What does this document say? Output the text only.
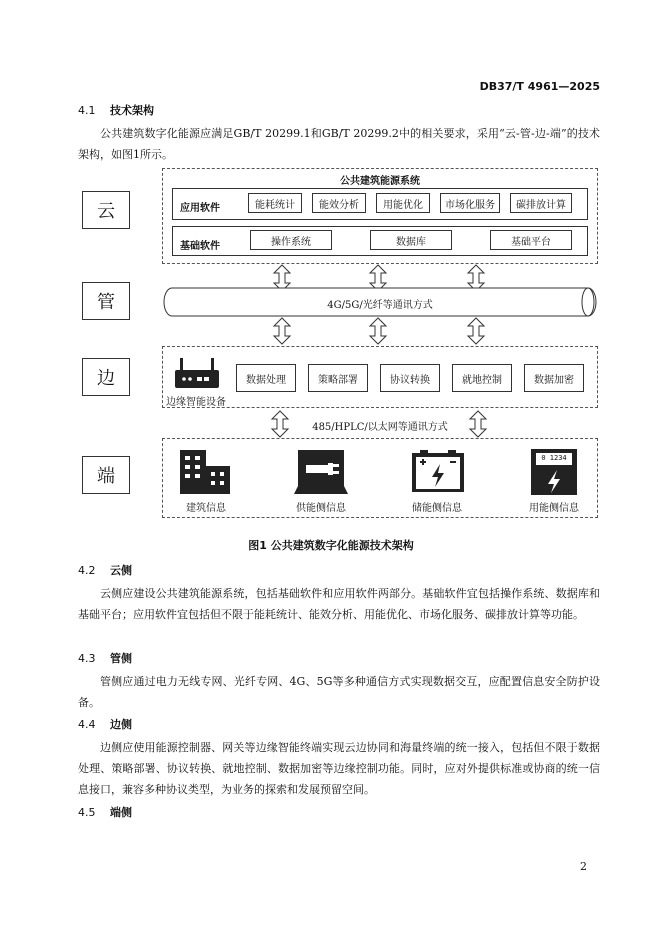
DB37/T 4961—2025
4.1 技术架构
公共建筑数字化能源应满足GB/T 20299.1和GB/T 20299.2中的相关要求，采用“云-管-边-端”的技术架构，如图1所示。
云
管
边
端
公共建筑能源系统
应用软件	能耗统计	能效分析	用能优化	市场化服务	碳排放计算
基础软件	操作系统	数据库	基础平台
4G/5G/光纤等通讯方式
边缘智能设备
数据处理	策略部署	协议转换	就地控制	数据加密
485/HPLC/以太网等通讯方式
建筑信息	供能侧信息	储能侧信息
0 1234
用能侧信息
图1 公共建筑数字化能源技术架构
4.2 云侧
云侧应建设公共建筑能源系统，包括基础软件和应用软件两部分。基础软件宜包括操作系统、数据库和基础平台；应用软件宜包括但不限于能耗统计、能效分析、用能优化、市场化服务、碳排放计算等功能。
4.3 管侧
管侧应通过电力无线专网、光纤专网、4G、5G等多种通信方式实现数据交互，应配置信息安全防护设备。
4.4 边侧
边侧应使用能源控制器、网关等边缘智能终端实现云边协同和海量终端的统一接入，包括但不限于数据处理、策略部署、协议转换、就地控制、数据加密等边缘控制功能。同时，应对外提供标准或协商的统一信息接口，兼容多种协议类型，为业务的探索和发展预留空间。
4.5 端侧
2
